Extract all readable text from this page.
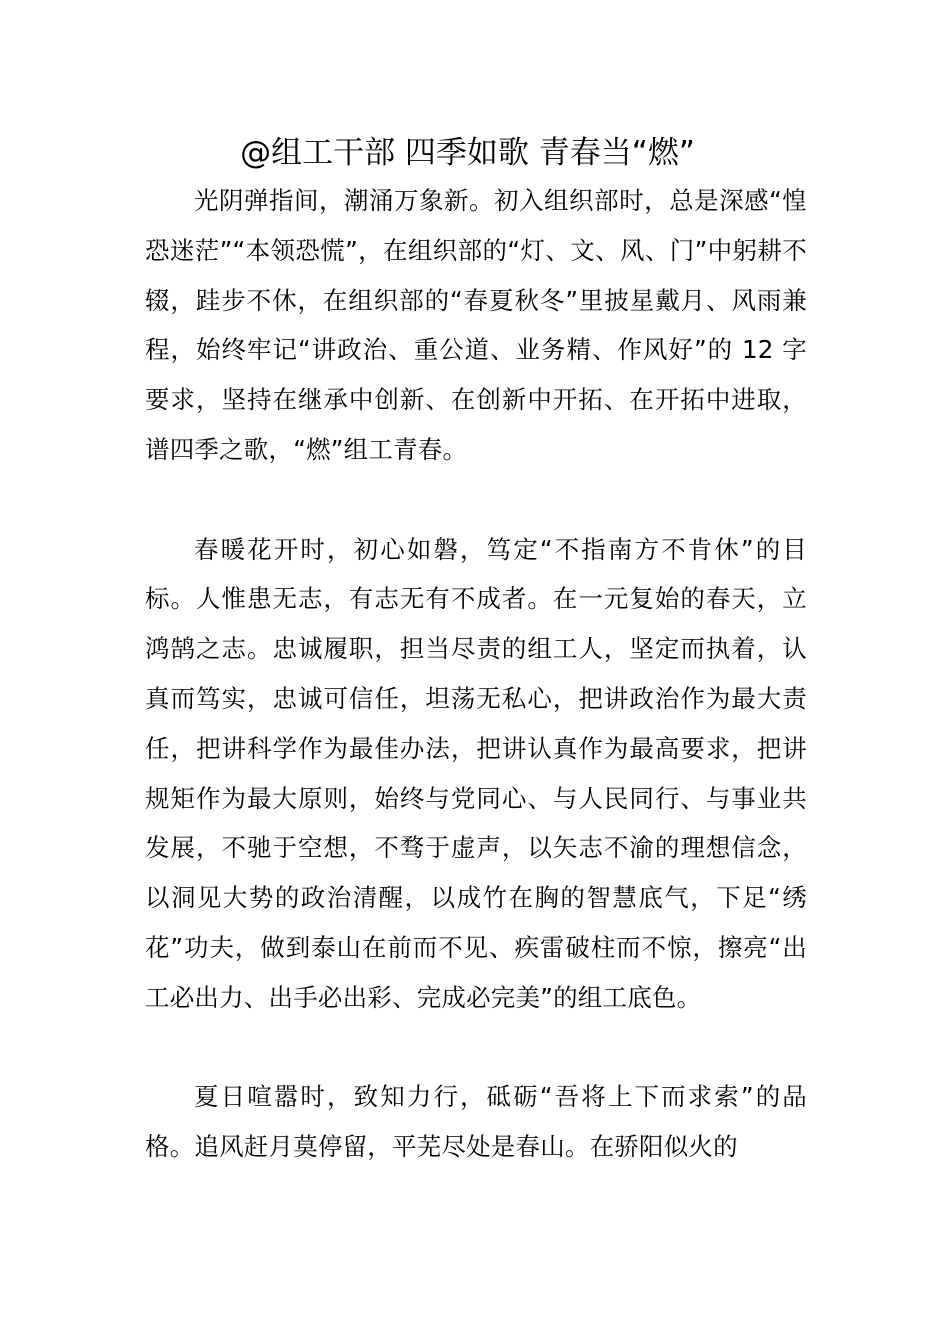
@组工干部 四季如歌 青春当“燃”

光阴弹指间，潮涌万象新。初入组织部时，总是深感“惶恐迷茫”“本领恐慌”，在组织部的“灯、文、风、门”中躬耕不辍，跬步不休，在组织部的“春夏秋冬”里披星戴月、风雨兼程，始终牢记“讲政治、重公道、业务精、作风好”的 12 字要求，坚持在继承中创新、在创新中开拓、在开拓中进取，谱四季之歌，“燃”组工青春。

春暖花开时，初心如磐，笃定“不指南方不肯休”的目标。人惟患无志，有志无有不成者。在一元复始的春天，立鸿鹄之志。忠诚履职，担当尽责的组工人，坚定而执着，认真而笃实，忠诚可信任，坦荡无私心，把讲政治作为最大责任，把讲科学作为最佳办法，把讲认真作为最高要求，把讲规矩作为最大原则，始终与党同心、与人民同行、与事业共发展，不驰于空想，不骛于虚声，以矢志不渝的理想信念，以洞见大势的政治清醒，以成竹在胸的智慧底气，下足“绣花”功夫，做到泰山在前而不见、疾雷破柱而不惊，擦亮“出工必出力、出手必出彩、完成必完美”的组工底色。

夏日喧嚣时，致知力行，砥砺“吾将上下而求索”的品格。追风赶月莫停留，平芜尽处是春山。在骄阳似火的
